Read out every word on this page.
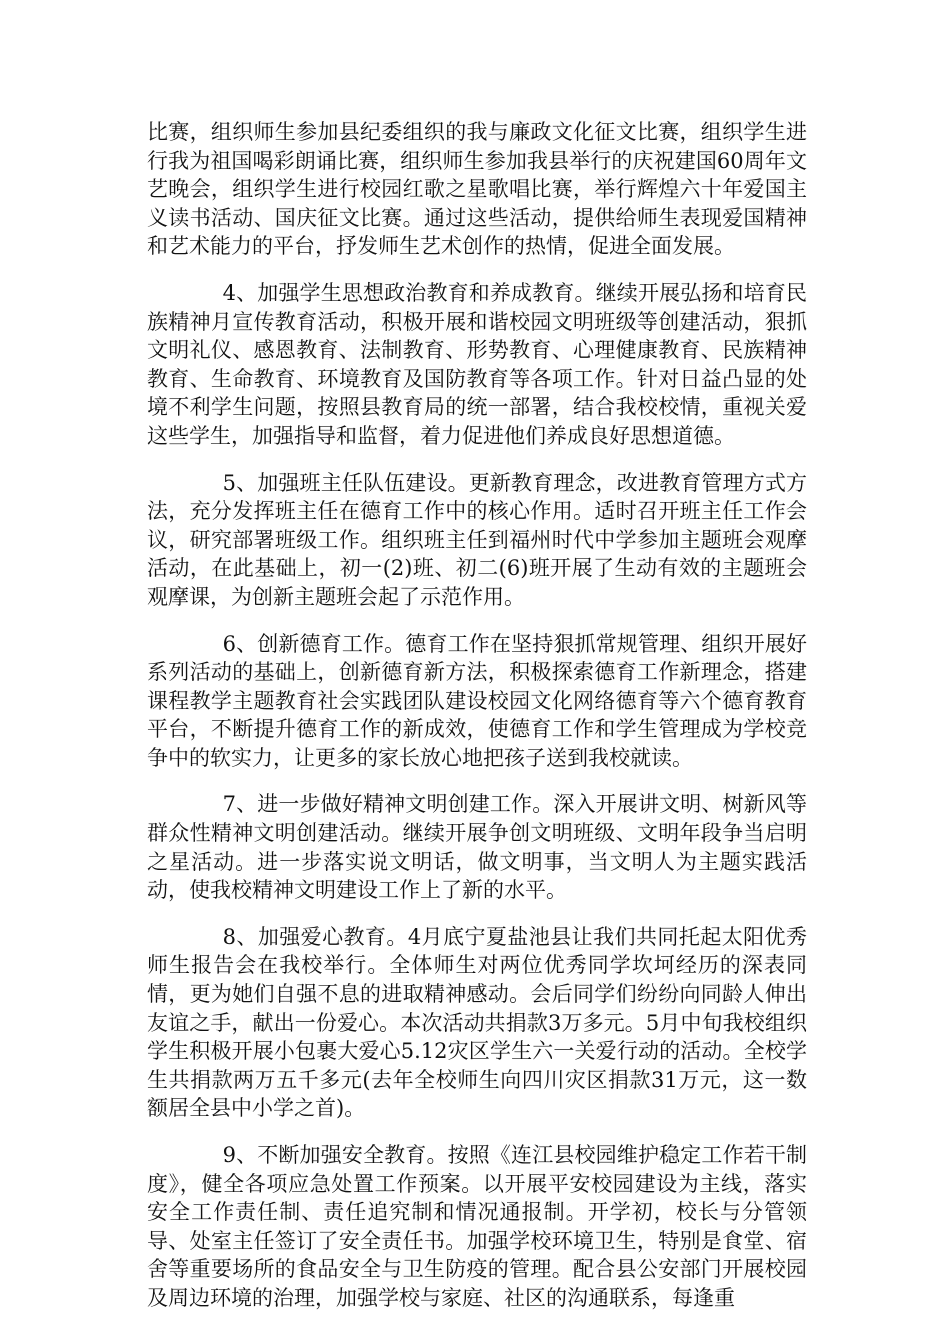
比赛，组织师生参加县纪委组织的我与廉政文化征文比赛，组织学生进行我为祖国喝彩朗诵比赛，组织师生参加我县举行的庆祝建国60周年文艺晚会，组织学生进行校园红歌之星歌唱比赛，举行辉煌六十年爱国主义读书活动、国庆征文比赛。通过这些活动，提供给师生表现爱国精神和艺术能力的平台，抒发师生艺术创作的热情，促进全面发展。

4、加强学生思想政治教育和养成教育。继续开展弘扬和培育民族精神月宣传教育活动，积极开展和谐校园文明班级等创建活动，狠抓文明礼仪、感恩教育、法制教育、形势教育、心理健康教育、民族精神教育、生命教育、环境教育及国防教育等各项工作。针对日益凸显的处境不利学生问题，按照县教育局的统一部署，结合我校校情，重视关爱这些学生，加强指导和监督，着力促进他们养成良好思想道德。

5、加强班主任队伍建设。更新教育理念，改进教育管理方式方法，充分发挥班主任在德育工作中的核心作用。适时召开班主任工作会议，研究部署班级工作。组织班主任到福州时代中学参加主题班会观摩活动，在此基础上，初一(2)班、初二(6)班开展了生动有效的主题班会观摩课，为创新主题班会起了示范作用。

6、创新德育工作。德育工作在坚持狠抓常规管理、组织开展好系列活动的基础上，创新德育新方法，积极探索德育工作新理念，搭建课程教学主题教育社会实践团队建设校园文化网络德育等六个德育教育平台，不断提升德育工作的新成效，使德育工作和学生管理成为学校竞争中的软实力，让更多的家长放心地把孩子送到我校就读。

7、进一步做好精神文明创建工作。深入开展讲文明、树新风等群众性精神文明创建活动。继续开展争创文明班级、文明年段争当启明之星活动。进一步落实说文明话，做文明事，当文明人为主题实践活动，使我校精神文明建设工作上了新的水平。

8、加强爱心教育。4月底宁夏盐池县让我们共同托起太阳优秀师生报告会在我校举行。全体师生对两位优秀同学坎坷经历的深表同情，更为她们自强不息的进取精神感动。会后同学们纷纷向同龄人伸出友谊之手，献出一份爱心。本次活动共捐款3万多元。5月中旬我校组织学生积极开展小包裹大爱心5.12灾区学生六一关爱行动的活动。全校学生共捐款两万五千多元(去年全校师生向四川灾区捐款31万元，这一数额居全县中小学之首)。

9、不断加强安全教育。按照《连江县校园维护稳定工作若干制度》，健全各项应急处置工作预案。以开展平安校园建设为主线，落实安全工作责任制、责任追究制和情况通报制。开学初，校长与分管领导、处室主任签订了安全责任书。加强学校环境卫生，特别是食堂、宿舍等重要场所的食品安全与卫生防疫的管理。配合县公安部门开展校园及周边环境的治理，加强学校与家庭、社区的沟通联系，每逢重
